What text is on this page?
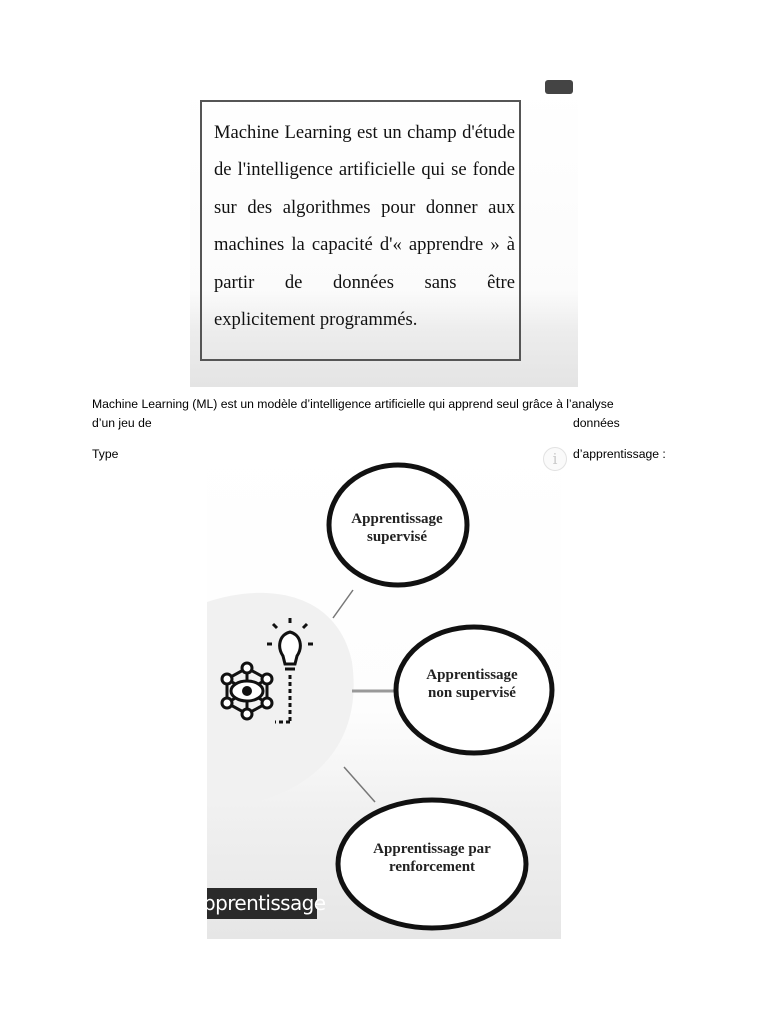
Machine Learning est un champ d'étude de l'intelligence artificielle qui se fonde sur des algorithmes pour donner aux machines la capacité d'« apprendre » à partir de données sans être explicitement programmés.

Machine Learning (ML) est un modèle d’intelligence artificielle qui apprend seul grâce à l’analyse
d’un jeu de	données
Type	d’apprentissage :
Apprentissage
supervisé
Apprentissage
non supervisé
Apprentissage par
renforcement
pprentissage
i
